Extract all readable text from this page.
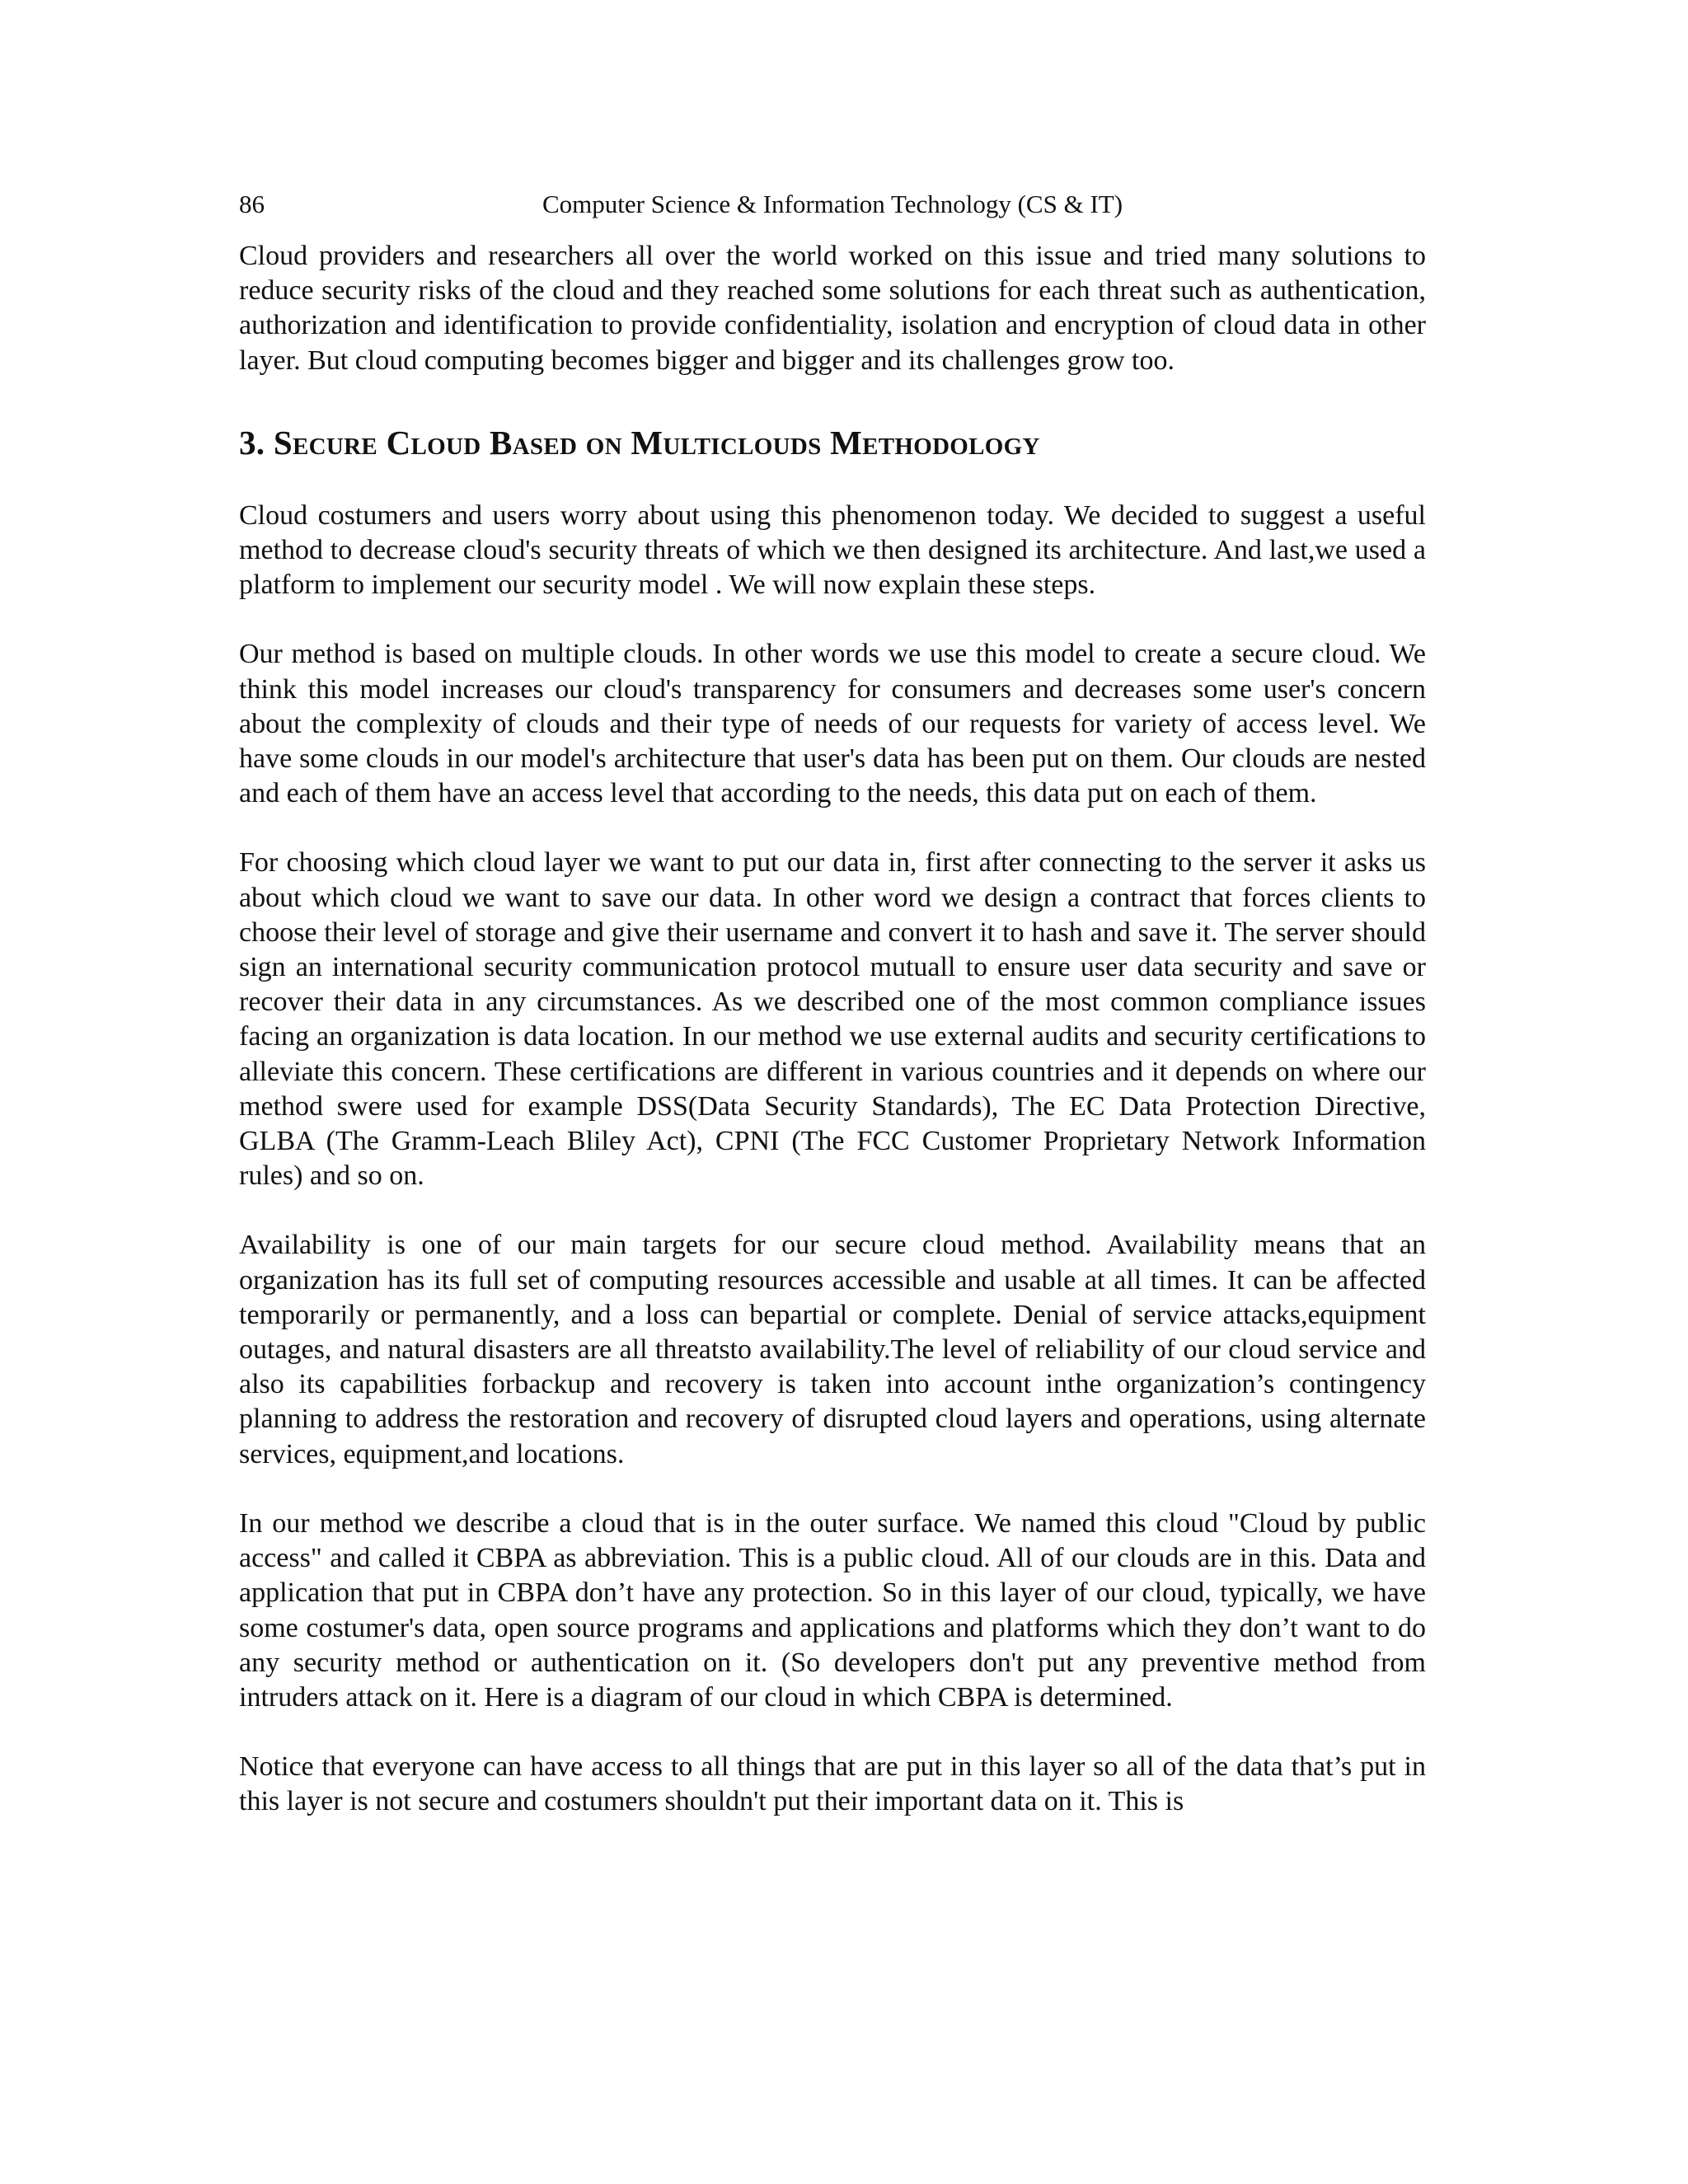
86	Computer Science & Information Technology (CS & IT)

Cloud providers and researchers all over the world worked on this issue and tried many solutions to reduce security risks of the cloud and they reached some solutions for each threat such as authentication, authorization and identification to provide confidentiality, isolation and encryption of cloud data in other layer. But cloud computing becomes bigger and bigger and its challenges grow too.

3. Secure Cloud Based on Multiclouds Methodology

Cloud costumers and users worry about using this phenomenon today. We decided to suggest a useful method to decrease cloud's security threats of which we then designed its architecture. And last,we used a platform to implement our security model . We will now explain these steps.

Our method is based on multiple clouds. In other words we use this model to create a secure cloud. We think this model increases our cloud's transparency for consumers and decreases some user's concern about the complexity of clouds and their type of needs of our requests for variety of access level. We have some clouds in our model's architecture that user's data has been put on them. Our clouds are nested and each of them have an access level that according to the needs, this data put on each of them.

For choosing which cloud layer we want to put our data in, first after connecting to the server it asks us about which cloud we want to save our data. In other word we design a contract that forces clients to choose their level of storage and give their username and convert it to hash and save it. The server should sign an international security communication protocol mutuall to ensure user data security and save or recover their data in any circumstances. As we described one of the most common compliance issues facing an organization is data location. In our method we use external audits and security certifications to alleviate this concern. These certifications are different in various countries and it depends on where our method swere used for example DSS(Data Security Standards), The EC Data Protection Directive, GLBA (The Gramm-Leach Bliley Act), CPNI (The FCC Customer Proprietary Network Information rules) and so on.

Availability is one of our main targets for our secure cloud method. Availability means that an organization has its full set of computing resources accessible and usable at all times. It can be affected temporarily or permanently, and a loss can bepartial or complete. Denial of service attacks,equipment outages, and natural disasters are all threatsto availability.The level of reliability of our cloud service and also its capabilities forbackup and recovery is taken into account inthe organization’s contingency planning to address the restoration and recovery of disrupted cloud layers and operations, using alternate services, equipment,and locations.

In our method we describe a cloud that is in the outer surface. We named this cloud "Cloud by public access" and called it CBPA as abbreviation. This is a public cloud. All of our clouds are in this. Data and application that put in CBPA don’t have any protection. So in this layer of our cloud, typically, we have some costumer's data, open source programs and applications and platforms which they don’t want to do any security method or authentication on it. (So developers don't put any preventive method from intruders attack on it. Here is a diagram of our cloud in which CBPA is determined.

Notice that everyone can have access to all things that are put in this layer so all of the data that’s put in this layer is not secure and costumers shouldn't put their important data on it. This is
